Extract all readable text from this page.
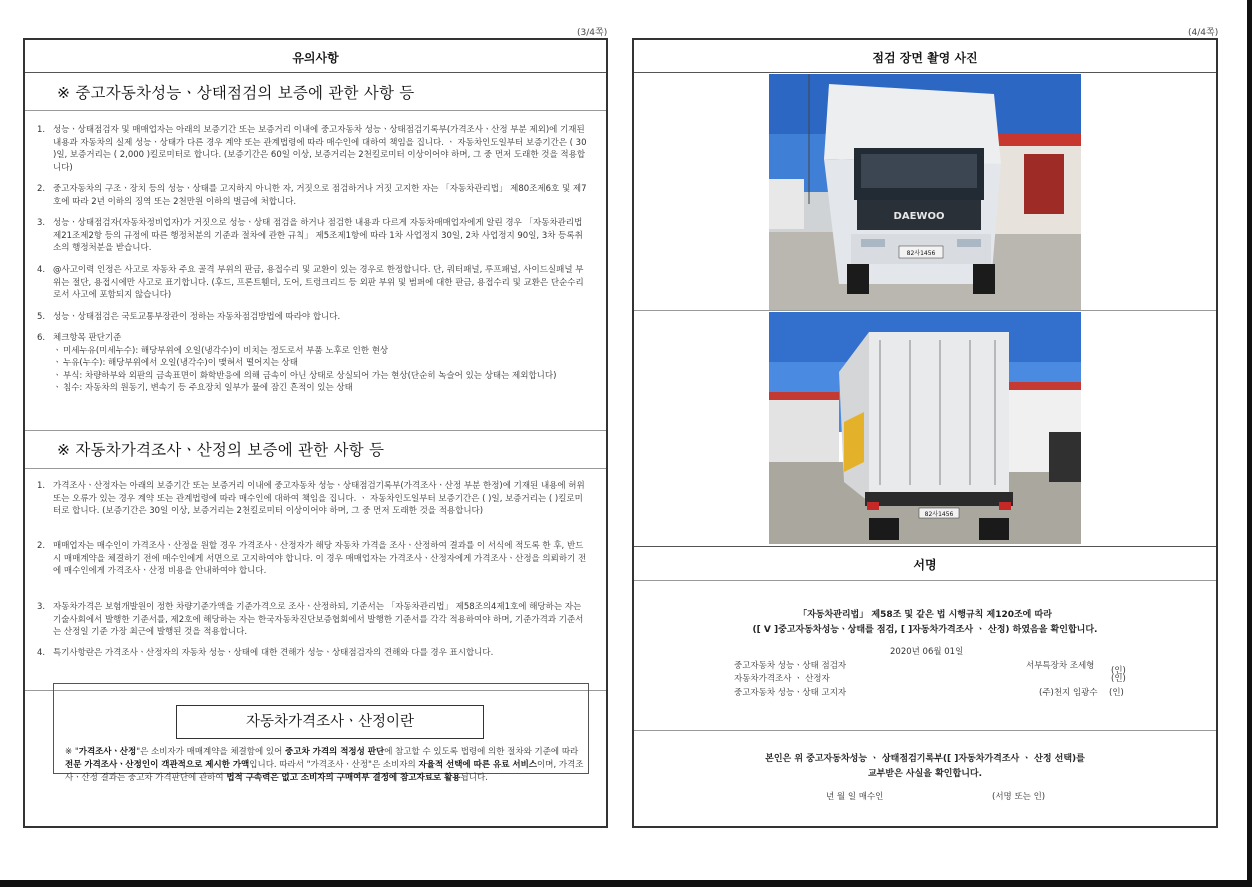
(3/4쪽)	(4/4쪽)
유의사항
※ 중고자동차성능ㆍ상태점검의 보증에 관한 사항 등
1. 성능ㆍ상태점검자 및 매매업자는 아래의 보증기간 또는 보증거리 이내에 중고자동차 성능ㆍ상태점검기록부(가격조사ㆍ산정 부분 제외)에 기재된 내용과 자동차의 실제 성능ㆍ상태가 다른 경우 계약 또는 관계법령에 따라 매수인에 대하여 책임을 집니다. ㆍ 자동차인도일부터 보증기간은 ( 30 )일, 보증거리는 ( 2,000 )킬로미터로 합니다. (보증기간은 60일 이상, 보증거리는 2천킬로미터 이상이어야 하며, 그 중 먼저 도래한 것을 적용합니다)
2. 중고자동차의 구조ㆍ장치 등의 성능ㆍ상태를 고지하지 아니한 자, 거짓으로 점검하거나 거짓 고지한 자는 「자동차관리법」 제80조제6호 및 제7호에 따라 2년 이하의 징역 또는 2천만원 이하의 벌금에 처합니다.
3. 성능ㆍ상태점검자(자동차정비업자)가 거짓으로 성능ㆍ상태 점검을 하거나 점검한 내용과 다르게 자동차매매업자에게 알린 경우 「자동차관리법 제21조제2항 등의 규정에 따른 행정처분의 기준과 절차에 관한 규칙」 제5조제1항에 따라 1차 사업정지 30일, 2차 사업정지 90일, 3차 등록취소의 행정처분을 받습니다.
4. @사고이력 인정은 사고로 자동차 주요 골격 부위의 판금, 용접수리 및 교환이 있는 경우로 한정합니다. 단, 쿼터패널, 루프패널, 사이드실패널 부위는 절단, 용접시에만 사고로 표기합니다. (후드, 프론트휀더, 도어, 트렁크리드 등 외판 부위 및 범퍼에 대한 판금, 용접수리 및 교환은 단순수리로서 사고에 포함되지 않습니다)
5. 성능ㆍ상태점검은 국토교통부장관이 정하는 자동차점검방법에 따라야 합니다.
6. 체크항목 판단기준
ㆍ 미세누유(미세누수): 해당부위에 오일(냉각수)이 비치는 정도로서 부품 노후로 인한 현상
ㆍ 누유(누수): 해당부위에서 오일(냉각수)이 맺혀서 떨어지는 상태
ㆍ 부식: 차량하부와 외판의 금속표면이 화학반응에 의해 금속이 아닌 상태로 상실되어 가는 현상(단순히 녹슬어 있는 상태는 제외합니다)
ㆍ 침수: 자동차의 원동기, 변속기 등 주요장치 일부가 물에 잠긴 흔적이 있는 상태
※ 자동차가격조사ㆍ산정의 보증에 관한 사항 등
1. 가격조사ㆍ산정자는 아래의 보증기간 또는 보증거리 이내에 중고자동차 성능ㆍ상태점검기록부(가격조사ㆍ산정 부분 한정)에 기재된 내용에 허위 또는 오류가 있는 경우 계약 또는 관계법령에 따라 매수인에 대하여 책임을 집니다. ㆍ 자동차인도일부터 보증기간은 ( )일, 보증거리는 ( )킬로미터로 합니다. (보증기간은 30일 이상, 보증거리는 2천킬로미터 이상이어야 하며, 그 중 먼저 도래한 것을 적용합니다)
2. 매매업자는 매수인이 가격조사ㆍ산정을 원할 경우 가격조사ㆍ산정자가 해당 자동차 가격을 조사ㆍ산정하여 결과를 이 서식에 적도록 한 후, 반드시 매매계약을 체결하기 전에 매수인에게 서면으로 고지하여야 합니다. 이 경우 매매업자는 가격조사ㆍ산정자에게 가격조사ㆍ산정을 의뢰하기 전에 매수인에게 가격조사ㆍ산정 비용을 안내하여야 합니다.
3. 자동차가격은 보험개발원이 정한 차량기준가액을 기준가격으로 조사ㆍ산정하되, 기준서는 「자동차관리법」 제58조의4제1호에 해당하는 자는 기술사회에서 발행한 기준서를, 제2호에 해당하는 자는 한국자동차진단보증협회에서 발행한 기준서를 각각 적용하여야 하며, 기준가격과 기준서는 산정일 기준 가장 최근에 발행된 것을 적용합니다.
4. 특기사항란은 가격조사ㆍ산정자의 자동차 성능ㆍ상태에 대한 견해가 성능ㆍ상태점검자의 견해와 다를 경우 표시합니다.
자동차가격조사ㆍ산정이란
※ "가격조사ㆍ산정"은 소비자가 매매계약을 체결함에 있어 중고차 가격의 적정성 판단에 참고할 수 있도록 법령에 의한 절차와 기준에 따라 전문 가격조사ㆍ산정인이 객관적으로 제시한 가액입니다. 따라서 "가격조사ㆍ산정"은 소비자의 자율적 선택에 따른 유료 서비스이며, 가격조사ㆍ산정 결과는 중고차 가격판단에 관하여 법적 구속력은 없고 소비자의 구매여부 결정에 참고자료로 활용됩니다.
점검 장면 촬영 사진
DAEWOO
82사1456
82사1456
서명
「자동차관리법」 제58조 및 같은 법 시행규칙 제120조에 따라
([ V ]중고자동차성능ㆍ상태를 점검, [ ]자동차가격조사 ㆍ 산정) 하였음을 확인합니다.
2020년 06월 01일
중고자동차 성능ㆍ상태 점검자	서부특장차 조세형 (인)
자동차가격조사 ㆍ 산정자	(인)
중고자동차 성능ㆍ상태 고지자	(주)천지 임광수 (인)
본인은 위 중고자동차성능 ㆍ 상태점검기록부([ ]자동차가격조사 ㆍ 산정 선택)를
교부받은 사실을 확인합니다.
년 월 일 매수인	(서명 또는 인)
